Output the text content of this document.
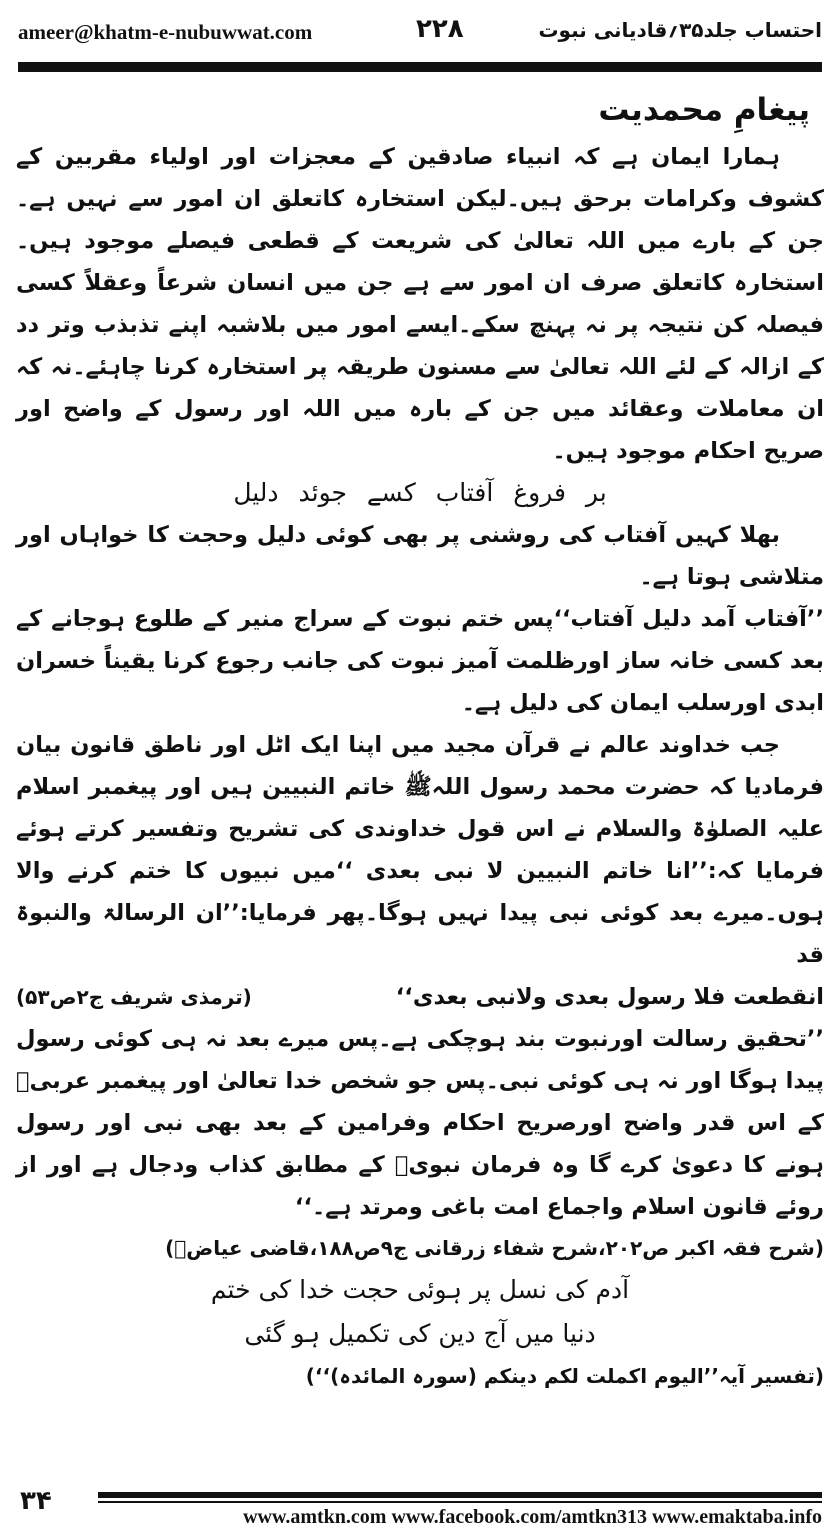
ameer@khatm-e-nubuwwat.com	۲۲۸	احتساب جلد۳۵؍قادیانی نبوت
پیغامِ محمدیت

ہمارا ایمان ہے کہ انبیاء صادقین کے معجزات اور اولیاء مقربین کے کشوف وکرامات برحق ہیں۔لیکن استخارہ کاتعلق ان امور سے نہیں ہے۔جن کے بارے میں اللہ تعالیٰ کی شریعت کے قطعی فیصلے موجود ہیں۔استخارہ کاتعلق صرف ان امور سے ہے جن میں انسان شرعاً وعقلاً کسی فیصلہ کن نتیجہ پر نہ پہنچ سکے۔ایسے امور میں بلاشبہ اپنے تذبذب وتر دد کے ازالہ کے لئے اللہ تعالیٰ سے مسنون طریقہ پر استخارہ کرنا چاہئے۔نہ کہ ان معاملات وعقائد میں جن کے بارہ میں اللہ اور رسول کے واضح اور صریح احکام موجود ہیں۔

بر فروغ آفتاب کسے جوئد دلیل

بھلا کہیں آفتاب کی روشنی پر بھی کوئی دلیل وحجت کا خواہاں اور متلاشی ہوتا ہے۔

’’آفتاب آمد دلیل آفتاب‘‘پس ختم نبوت کے سراج منیر کے طلوع ہوجانے کے بعد کسی خانہ ساز اورظلمت آمیز نبوت کی جانب رجوع کرنا یقیناً خسران ابدی اورسلب ایمان کی دلیل ہے۔

جب خداوند عالم نے قرآن مجید میں اپنا ایک اٹل اور ناطق قانون بیان فرمادیا کہ حضرت محمد رسول اللہﷺ خاتم النبیین ہیں اور پیغمبر اسلام علیہ الصلوٰۃ والسلام نے اس قول خداوندی کی تشریح وتفسیر کرتے ہوئے فرمایا کہ:’’انا خاتم النبیین لا نبی بعدی ‘‘میں نبیوں کا ختم کرنے والا ہوں۔میرے بعد کوئی نبی پیدا نہیں ہوگا۔پھر فرمایا:’’ان الرسالۃ والنبوۃ قد

انقطعت فلا رسول بعدی ولانبی بعدی‘‘
(ترمذی شریف ج۲ص۵۳)

’’تحقیق رسالت اورنبوت بند ہوچکی ہے۔پس میرے بعد نہ ہی کوئی رسول پیدا ہوگا اور نہ ہی کوئی نبی۔پس جو شخص خدا تعالیٰ اور پیغمبر عربیﷺ کے اس قدر واضح اورصریح احکام وفرامین کے بعد بھی نبی اور رسول ہونے کا دعویٰ کرے گا وہ فرمان نبویؐ کے مطابق کذاب ودجال ہے اور از روئے قانون اسلام واجماع امت باغی ومرتد ہے۔‘‘

(شرح فقہ اکبر ص۲۰۲،شرح شفاء زرقانی ج۹ص۱۸۸،قاضی عیاضؒ)
آدم کی نسل پر ہوئی حجت خدا کی ختم
دنیا میں آج دین کی تکمیل ہو گئی
(تفسیر آیہ’’الیوم اکملت لکم دینکم (سورہ المائدہ)‘‘)
۳۴
www.amtkn.com www.facebook.com/amtkn313 www.emaktaba.info
